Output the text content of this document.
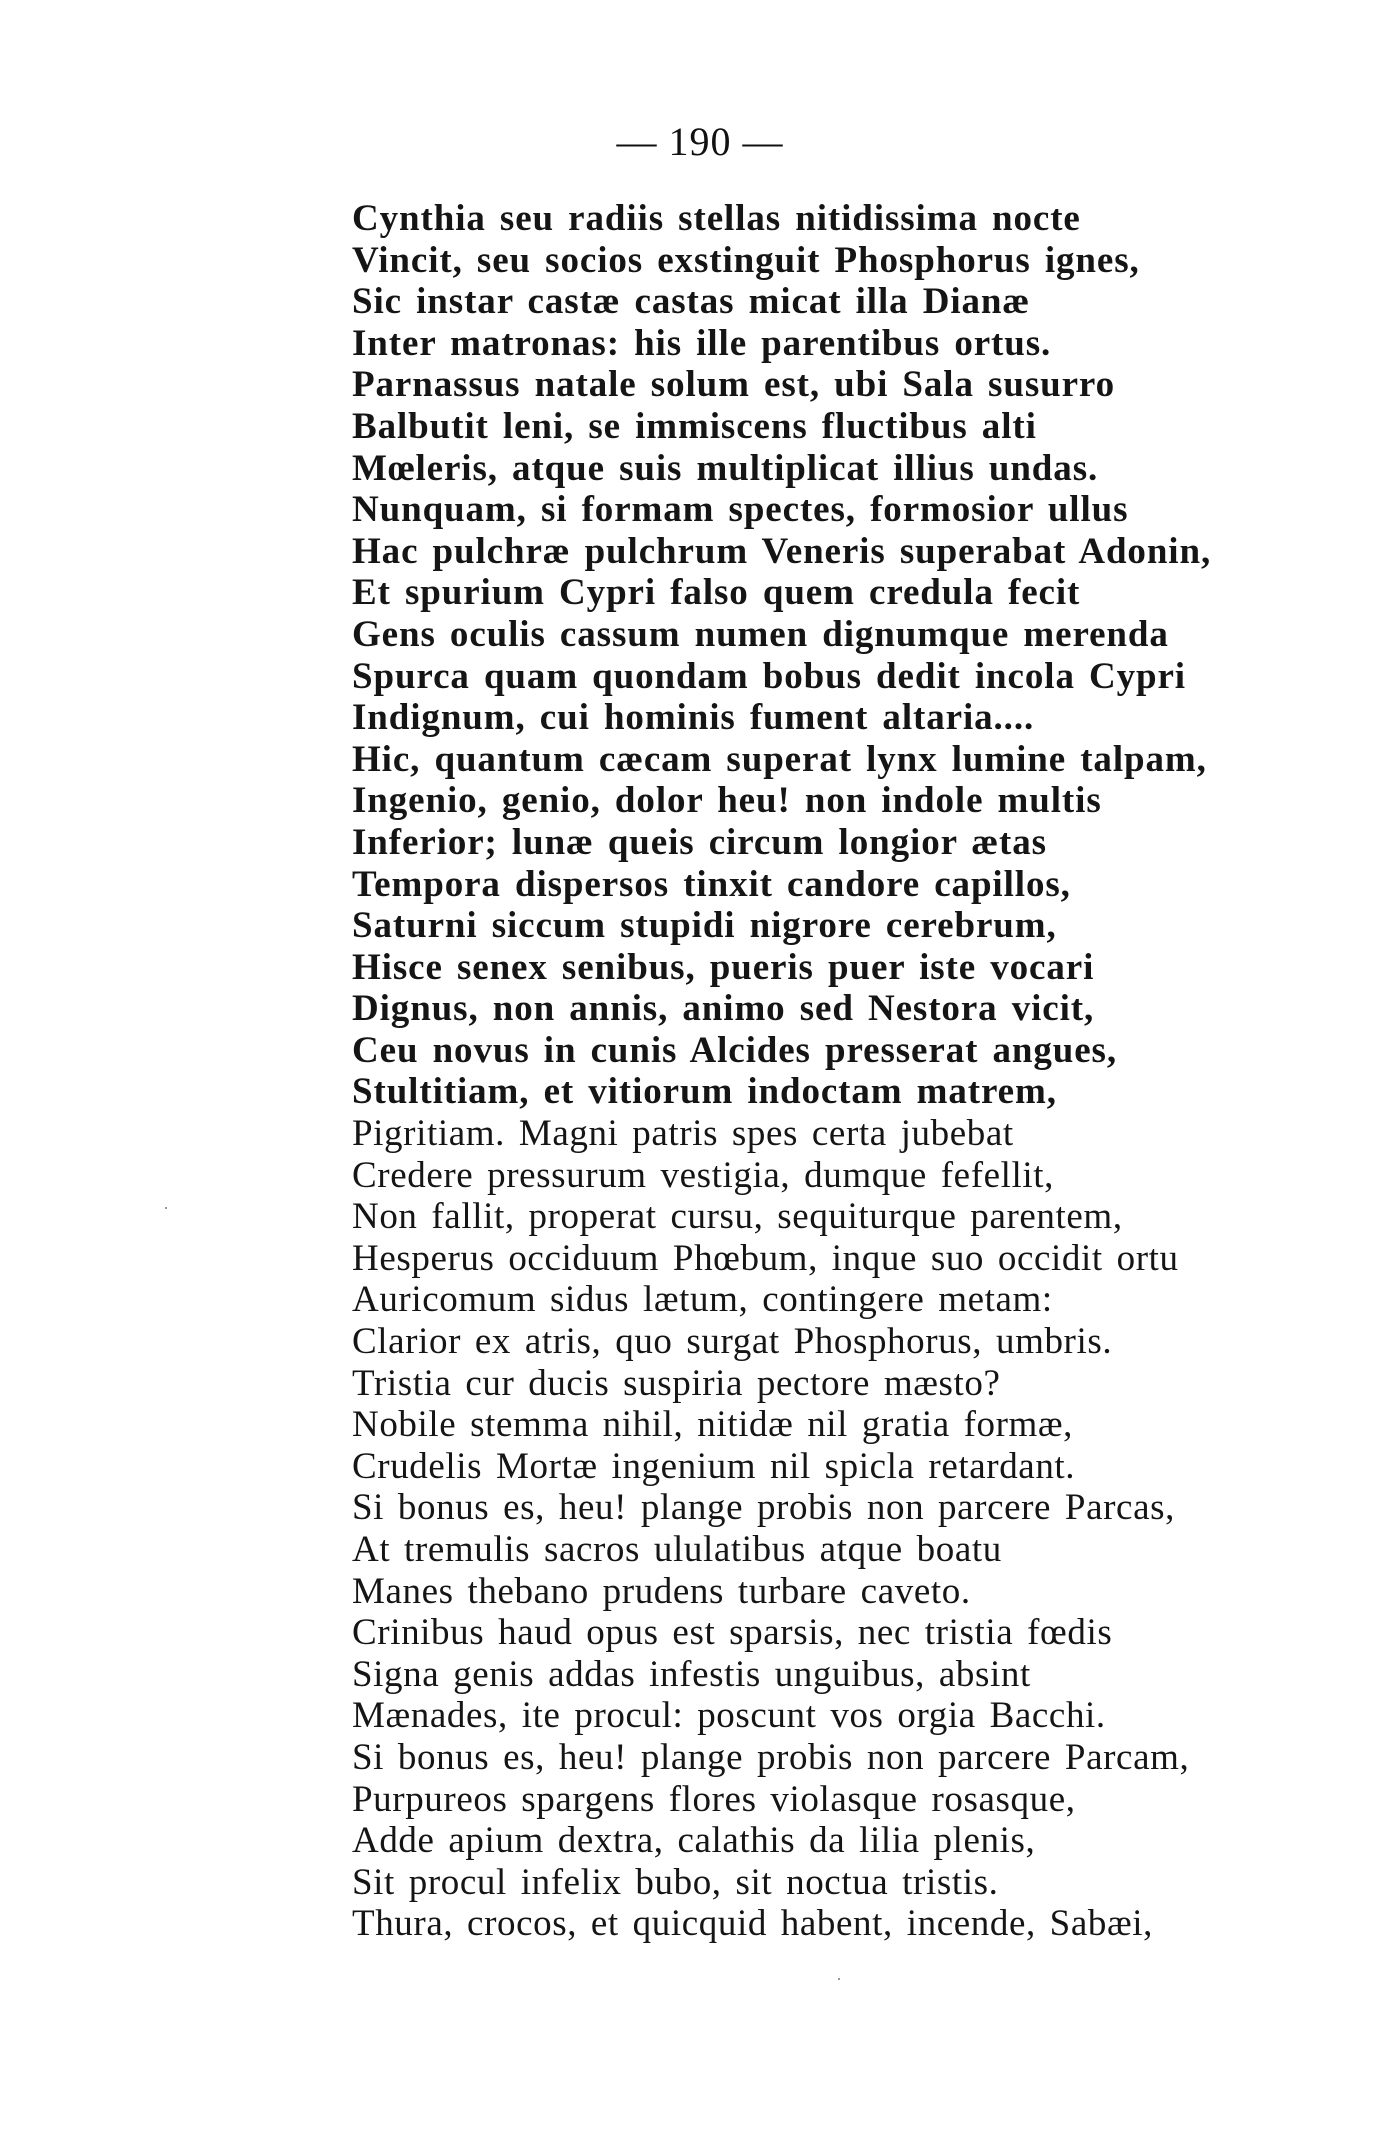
— 190 —
Cynthia seu radiis stellas nitidissima nocte
Vincit, seu socios exstinguit Phosphorus ignes,
Sic instar castæ castas micat illa Dianæ
Inter matronas: his ille parentibus ortus.
Parnassus natale solum est, ubi Sala susurro
Balbutit leni, se immiscens fluctibus alti
Mœleris, atque suis multiplicat illius undas.
Nunquam, si formam spectes, formosior ullus
Hac pulchræ pulchrum Veneris superabat Adonin,
Et spurium Cypri falso quem credula fecit
Gens oculis cassum numen dignumque merenda
Spurca quam quondam bobus dedit incola Cypri
Indignum, cui hominis fument altaria....
Hic, quantum cæcam superat lynx lumine talpam,
Ingenio, genio, dolor heu! non indole multis
Inferior; lunæ queis circum longior ætas
Tempora dispersos tinxit candore capillos,
Saturni siccum stupidi nigrore cerebrum,
Hisce senex senibus, pueris puer iste vocari
Dignus, non annis, animo sed Nestora vicit,
Ceu novus in cunis Alcides presserat angues,
Stultitiam, et vitiorum indoctam matrem,
Pigritiam. Magni patris spes certa jubebat
Credere pressurum vestigia, dumque fefellit,
Non fallit, properat cursu, sequiturque parentem,
Hesperus occiduum Phœbum, inque suo occidit ortu
Auricomum sidus lætum, contingere metam:
Clarior ex atris, quo surgat Phosphorus, umbris.
Tristia cur ducis suspiria pectore mæsto?
Nobile stemma nihil, nitidæ nil gratia formæ,
Crudelis Mortæ ingenium nil spicla retardant.
Si bonus es, heu! plange probis non parcere Parcas,
At tremulis sacros ululatibus atque boatu
Manes thebano prudens turbare caveto.
Crinibus haud opus est sparsis, nec tristia fœdis
Signa genis addas infestis unguibus, absint
Mænades, ite procul: poscunt vos orgia Bacchi.
Si bonus es, heu! plange probis non parcere Parcam,
Purpureos spargens flores violasque rosasque,
Adde apium dextra, calathis da lilia plenis,
Sit procul infelix bubo, sit noctua tristis.
Thura, crocos, et quicquid habent, incende, Sabæi,
